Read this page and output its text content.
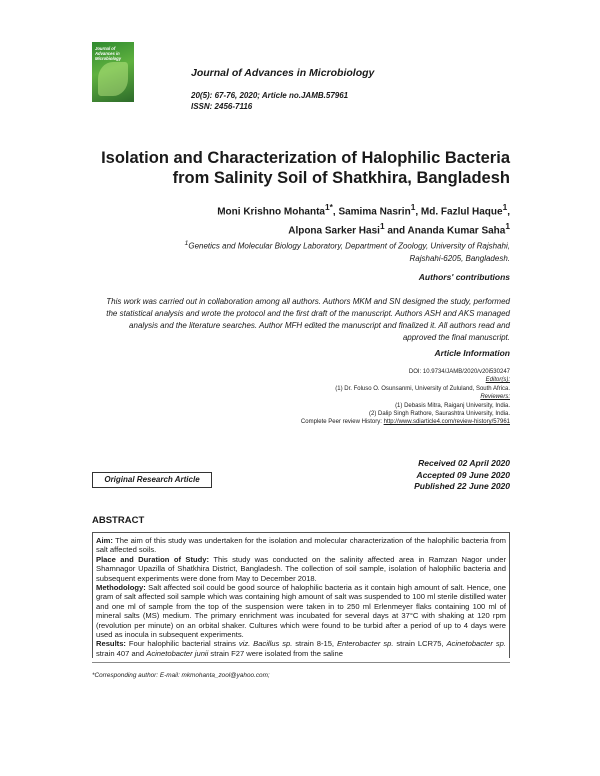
Journal of
Advances in
Microbiology
Journal of Advances in Microbiology
20(5): 67-76, 2020; Article no.JAMB.57961
ISSN: 2456-7116
Isolation and Characterization of Halophilic Bacteria
from Salinity Soil of Shatkhira, Bangladesh
Moni Krishno Mohanta$^{1*}$, Samima Nasrin$^1$, Md. Fazlul Haque$^1$,
Alpona Sarker Hasi$^1$ and Ananda Kumar Saha$^1$
$^1$Genetics and Molecular Biology Laboratory, Department of Zoology, University of Rajshahi,
Rajshahi-6205, Bangladesh.
Authors' contributions
This work was carried out in collaboration among all authors. Authors MKM and SN designed the study, performed the statistical analysis and wrote the protocol and the first draft of the manuscript. Authors ASH and AKS managed analysis and the literature searches. Author MFH edited the manuscript and finalized it. All authors read and approved the final manuscript.
Article Information
DOI: 10.9734/JAMB/2020/v20i530247
Editor(s):
(1) Dr. Foluso O. Osunsanmi, University of Zululand, South Africa.
Reviewers:
(1) Debasis Mitra, Raiganj University, India.
(2) Dalip Singh Rathore, Saurashtra University, India.
Complete Peer review History: http://www.sdiarticle4.com/review-history/57961
Received 02 April 2020
Accepted 09 June 2020
Published 22 June 2020
Original Research Article
ABSTRACT

Aim: The aim of this study was undertaken for the isolation and molecular characterization of the halophilic bacteria from salt affected soils.

Place and Duration of Study: This study was conducted on the salinity affected area in Ramzan Nagor under Shamnagor Upazilla of Shatkhira District, Bangladesh. The collection of soil sample, isolation of halophilic bacteria and subsequent experiments were done from May to December 2018.

Methodology: Salt affected soil could be good source of halophilic bacteria as it contain high amount of salt. Hence, one gram of salt affected soil sample which was containing high amount of salt was suspended to 100 ml sterile distilled water and one ml of sample from the top of the suspension were taken in to 250 ml Erlenmeyer flaks containing 100 ml of mineral salts (MS) medium. The primary enrichment was incubated for several days at 37°C with shaking at 120 rpm (revolution per minute) on an orbital shaker. Cultures which were found to be turbid after a period of up to 4 days were used as inocula in subsequent experiments.

Results: Four halophilic bacterial strains viz. Bacillus sp. strain 8-15, Enterobacter sp. strain LCR75, Acinetobacter sp. strain 407 and Acinetobacter junii strain F27 were isolated from the saline

*Corresponding author: E-mail: mkmohanta_zool@yahoo.com;
